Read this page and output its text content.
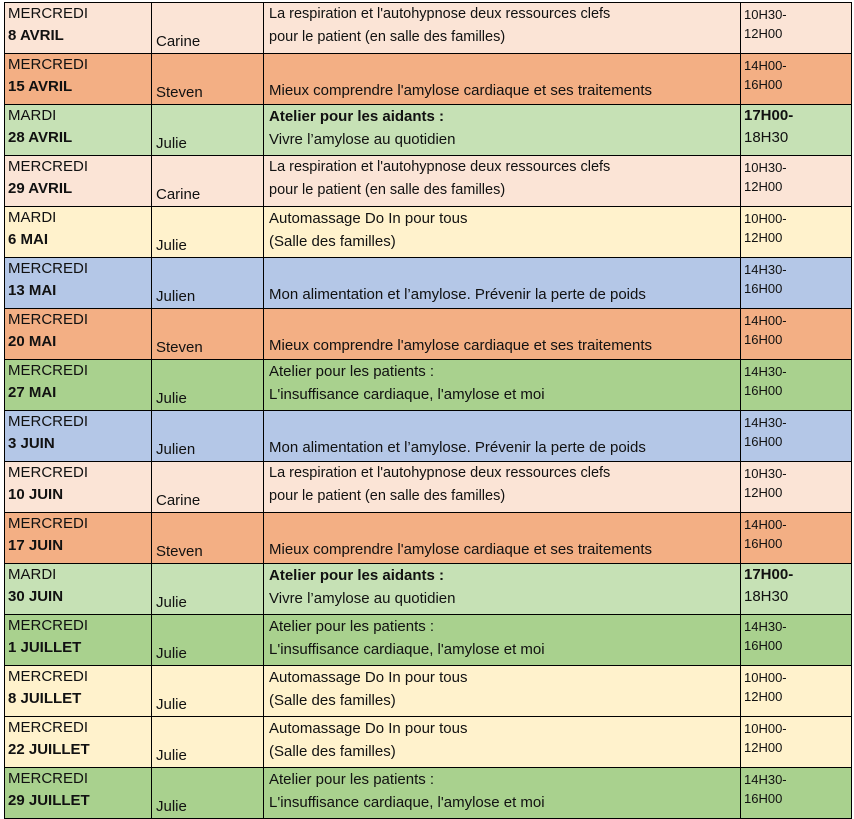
MERCREDI
8 AVRIL	Carine	La respiration et l'autohypnose deux ressources clefs
pour le patient (en salle des familles)	10H30-
12H00

MERCREDI
15 AVRIL	Steven	Mieux comprendre l'amylose cardiaque et ses traitements	14H00-
16H00

MARDI
28 AVRIL	Julie	Atelier pour les aidants :
Vivre l’amylose au quotidien	17H00-
18H30

MERCREDI
29 AVRIL	Carine	La respiration et l'autohypnose deux ressources clefs
pour le patient (en salle des familles)	10H30-
12H00

MARDI
6 MAI	Julie	Automassage Do In pour tous
(Salle des familles)	10H00-
12H00

MERCREDI
13 MAI	Julien	Mon alimentation et l’amylose. Prévenir la perte de poids	14H30-
16H00

MERCREDI
20 MAI	Steven	Mieux comprendre l'amylose cardiaque et ses traitements	14H00-
16H00

MERCREDI
27 MAI	Julie	Atelier pour les patients :
L'insuffisance cardiaque, l'amylose et moi	14H30-
16H00

MERCREDI
3 JUIN	Julien	Mon alimentation et l’amylose. Prévenir la perte de poids	14H30-
16H00

MERCREDI
10 JUIN	Carine	La respiration et l'autohypnose deux ressources clefs
pour le patient (en salle des familles)	10H30-
12H00

MERCREDI
17 JUIN	Steven	Mieux comprendre l'amylose cardiaque et ses traitements	14H00-
16H00

MARDI
30 JUIN	Julie	Atelier pour les aidants :
Vivre l’amylose au quotidien	17H00-
18H30

MERCREDI
1 JUILLET	Julie	Atelier pour les patients :
L'insuffisance cardiaque, l'amylose et moi	14H30-
16H00

MERCREDI
8 JUILLET	Julie	Automassage Do In pour tous
(Salle des familles)	10H00-
12H00

MERCREDI
22 JUILLET	Julie	Automassage Do In pour tous
(Salle des familles)	10H00-
12H00

MERCREDI
29 JUILLET	Julie	Atelier pour les patients :
L'insuffisance cardiaque, l'amylose et moi	14H30-
16H00
